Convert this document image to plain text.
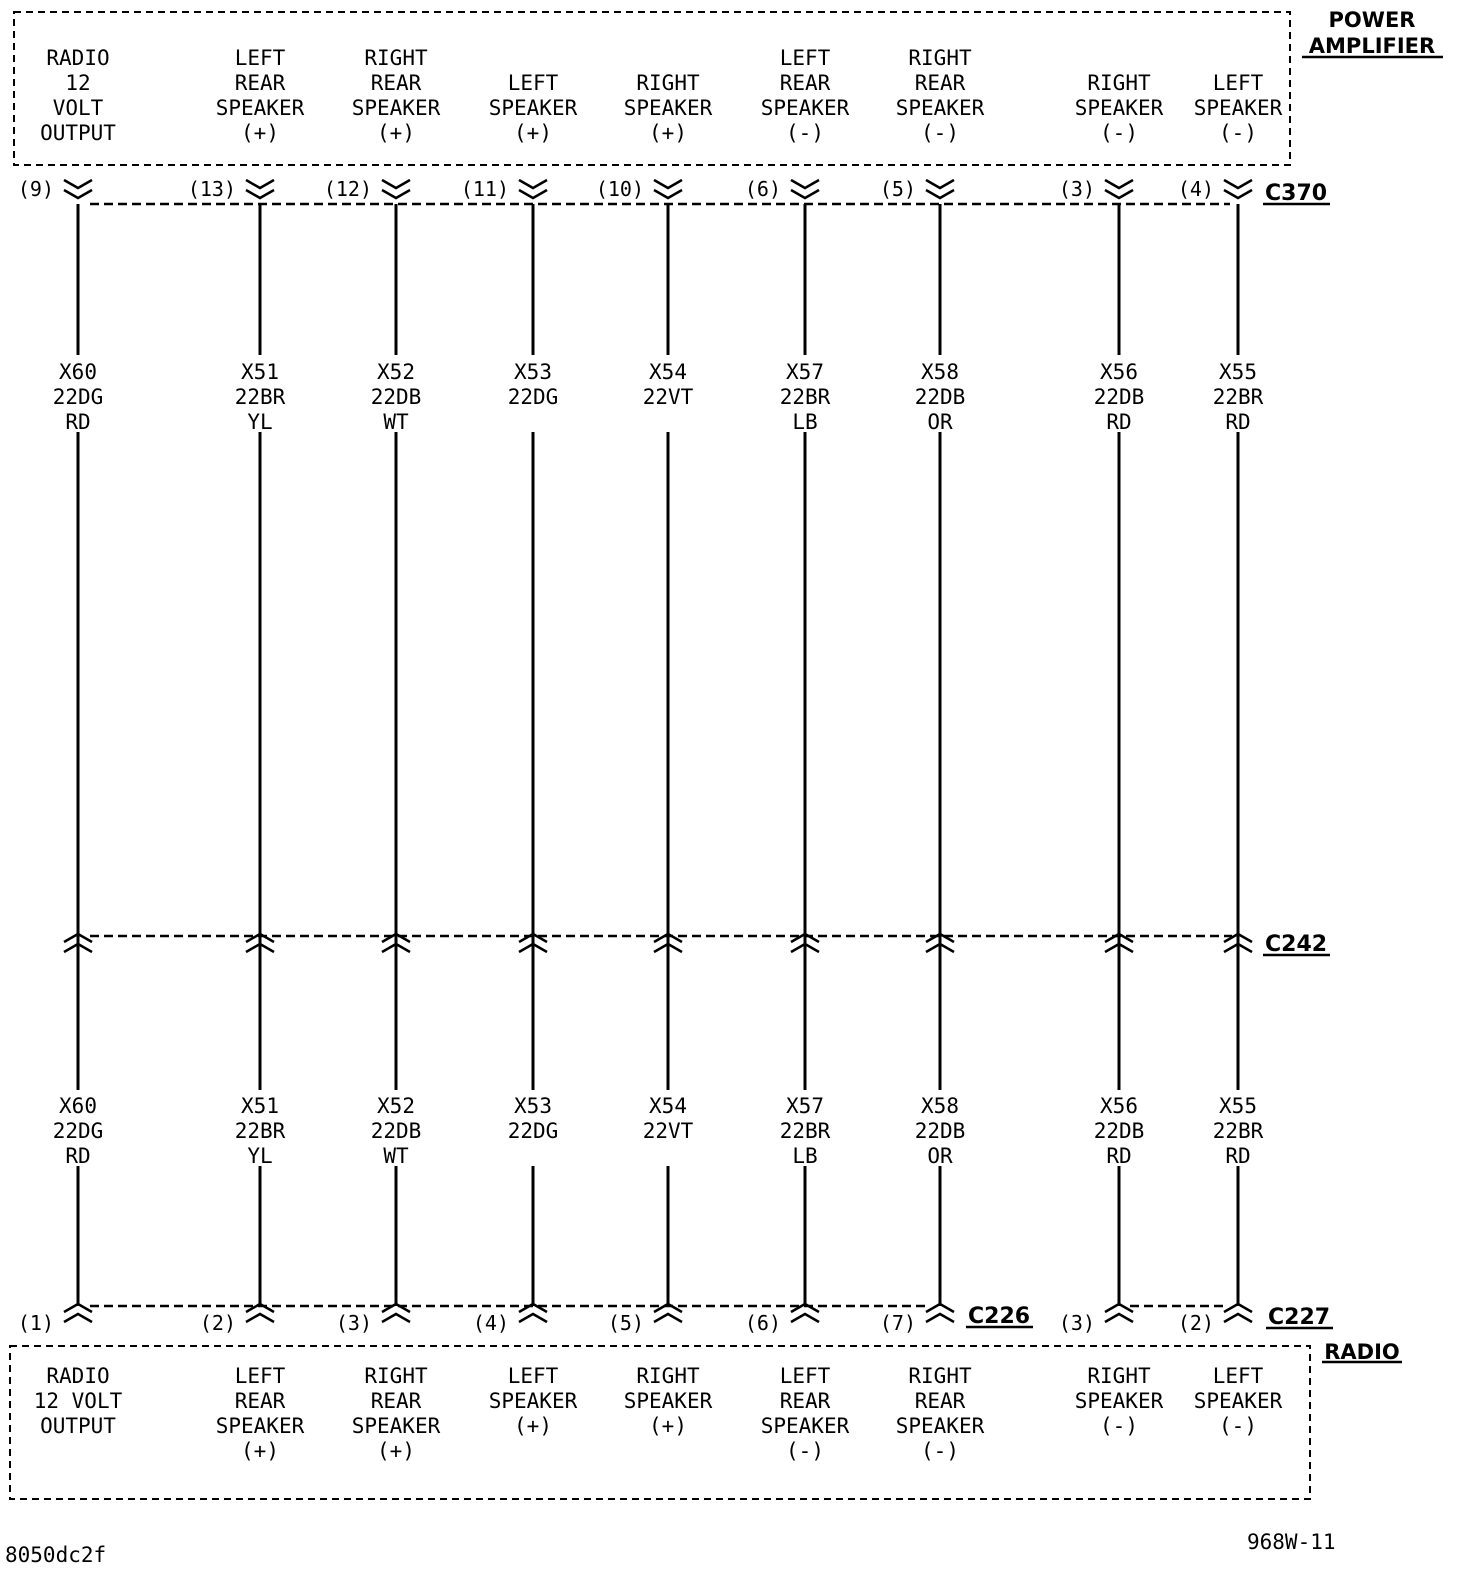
POWER
AMPLIFIER
RADIO
C370
C242
C226	C227
RADIO
12
VOLT
OUTPUT
(9)
X60
22DG
RD
X60
22DG
RD
(1)
RADIO
12 VOLT
OUTPUT
LEFT
REAR
SPEAKER
(+)
(13)
X51
22BR
YL
X51
22BR
YL
(2)
LEFT
REAR
SPEAKER
(+)
RIGHT
REAR
SPEAKER
(+)
(12)
X52
22DB
WT
X52
22DB
WT
(3)
RIGHT
REAR
SPEAKER
(+)
LEFT
SPEAKER
(+)
(11)
X53
22DG
X53
22DG
(4)
LEFT
SPEAKER
(+)
RIGHT
SPEAKER
(+)
(10)
X54
22VT
X54
22VT
(5)
RIGHT
SPEAKER
(+)
LEFT
REAR
SPEAKER
(-)
(6)
X57
22BR
LB
X57
22BR
LB
(6)
LEFT
REAR
SPEAKER
(-)
RIGHT
REAR
SPEAKER
(-)
(5)
X58
22DB
OR
X58
22DB
OR
(7)
RIGHT
REAR
SPEAKER
(-)
RIGHT
SPEAKER
(-)
(3)
X56
22DB
RD
X56
22DB
RD
(3)
RIGHT
SPEAKER
(-)
LEFT
SPEAKER
(-)
(4)
X55
22BR
RD
X55
22BR
RD
(2)
LEFT
SPEAKER
(-)
8050dc2f
968W-11
